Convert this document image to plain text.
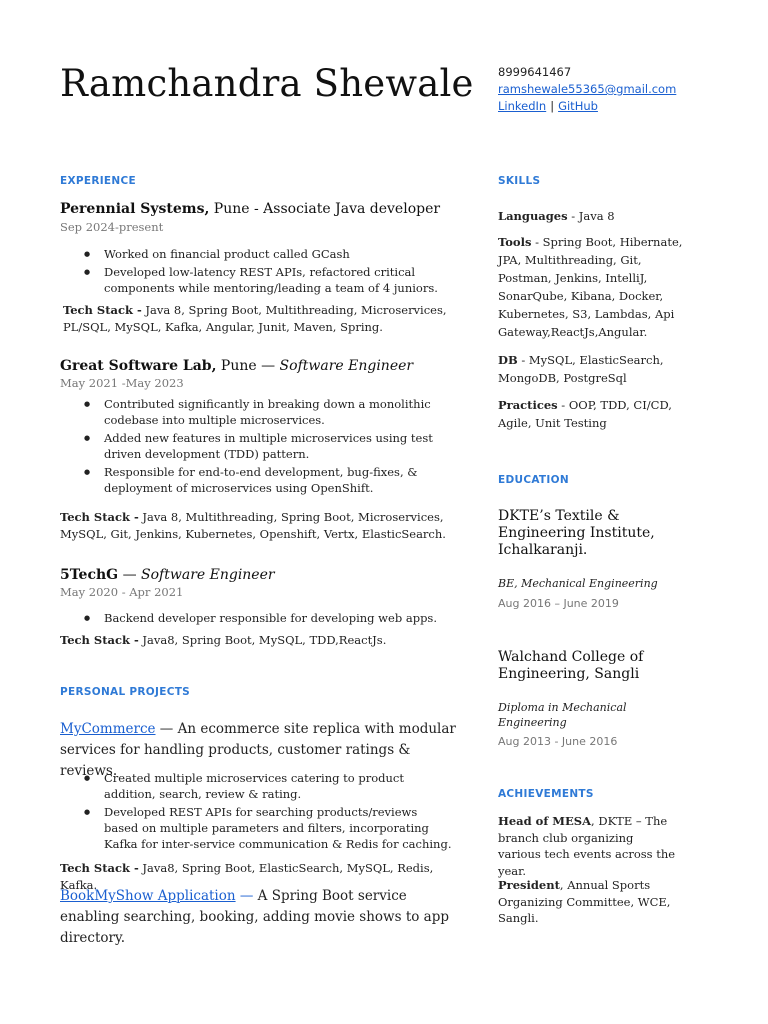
Ramchandra Shewale 8999641467
ramshewale55365@gmail.com
LinkedIn | GitHub
EXPERIENCE
Perennial Systems, Pune - Associate Java developer
Sep 2024-present
● Worked on financial product called GCash
● Developed low-latency REST APIs, refactored critical components while mentoring/leading a team of 4 juniors.
Tech Stack - Java 8, Spring Boot, Multithreading, Microservices, PL/SQL, MySQL, Kafka, Angular, Junit, Maven, Spring.
Great Software Lab, Pune — Software Engineer
May 2021 -May 2023
● Contributed significantly in breaking down a monolithic codebase into multiple microservices.
● Added new features in multiple microservices using test driven development (TDD) pattern.
● Responsible for end-to-end development, bug-fixes, & deployment of microservices using OpenShift.
Tech Stack - Java 8, Multithreading, Spring Boot, Microservices, MySQL, Git, Jenkins, Kubernetes, Openshift, Vertx, ElasticSearch.
5TechG — Software Engineer
May 2020 - Apr 2021
● Backend developer responsible for developing web apps.
Tech Stack - Java8, Spring Boot, MySQL, TDD,ReactJs.
PERSONAL PROJECTS
MyCommerce — An ecommerce site replica with modular services for handling products, customer ratings & reviews.
● Created multiple microservices catering to product addition, search, review & rating.
● Developed REST APIs for searching products/reviews based on multiple parameters and filters, incorporating Kafka for inter-service communication & Redis for caching.
Tech Stack - Java8, Spring Boot, ElasticSearch, MySQL, Redis, Kafka.
BookMyShow Application — A Spring Boot service enabling searching, booking, adding movie shows to app directory.
SKILLS
Languages - Java 8
Tools - Spring Boot, Hibernate, JPA, Multithreading, Git, Postman, Jenkins, IntelliJ, SonarQube, Kibana, Docker, Kubernetes, S3, Lambdas, Api Gateway,ReactJs,Angular.
DB - MySQL, ElasticSearch, MongoDB, PostgreSql
Practices - OOP, TDD, CI/CD, Agile, Unit Testing
EDUCATION
DKTE’s Textile & Engineering Institute, Ichalkaranji.
BE, Mechanical Engineering
Aug 2016 – June 2019
Walchand College of Engineering, Sangli
Diploma in Mechanical Engineering
Aug 2013 - June 2016
ACHIEVEMENTS
Head of MESA, DKTE – The branch club organizing various tech events across the year.
President, Annual Sports Organizing Committee, WCE, Sangli.
